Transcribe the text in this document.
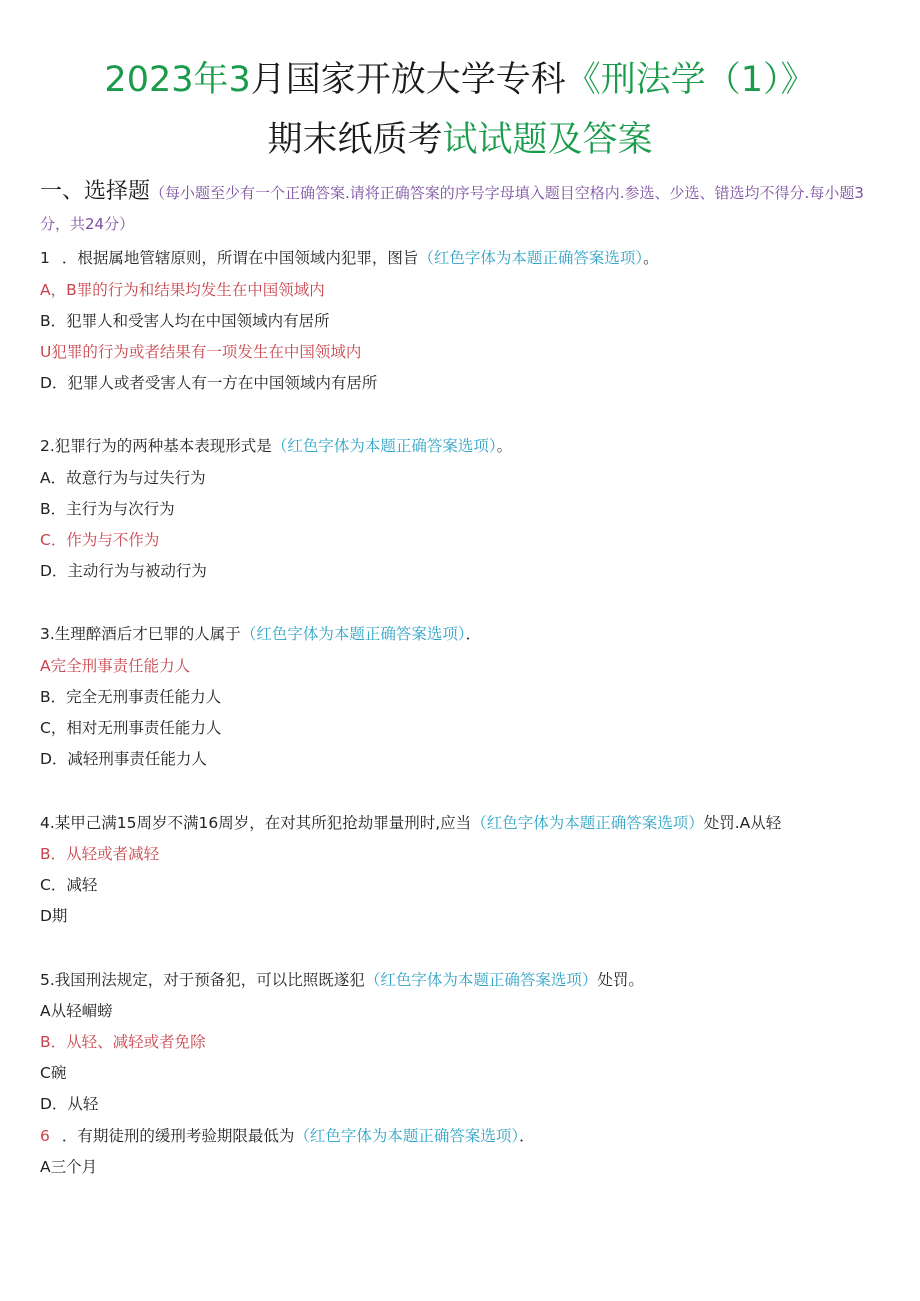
2023年3月国家开放大学专科《刑法学（1）》
期末纸质考试试题及答案
一、选择题（每小题至少有一个正确答案.请将正确答案的序号字母填入题目空格内.参选、少选、错选均不得分.每小题3分，共24分）
1 ．根据属地管辖原则，所谓在中国领域内犯罪，图旨（红色字体为本题正确答案选项）。
A，B罪的行为和结果均发生在中国领域内
B．犯罪人和受害人均在中国领域内有居所
U犯罪的行为或者结果有一项发生在中国领域内
D．犯罪人或者受害人有一方在中国领域内有居所
2.犯罪行为的两种基本表现形式是（红色字体为本题正确答案选项）。
A．故意行为与过失行为
B．主行为与次行为
C．作为与不作为
D．主动行为与被动行为
3.生理醉酒后才巳罪的人属于（红色字体为本题正确答案选项）．
A完全刑事责任能力人
B．完全无刑事责任能力人
C，相对无刑事责任能力人
D．减轻刑事责任能力人
4.某甲己满15周岁不满16周岁，在对其所犯抢劫罪量刑时,应当（红色字体为本题正确答案选项）处罚.A从轻
B．从轻或者减轻
C．减轻
D期
5.我国刑法规定，对于预备犯，可以比照既遂犯（红色字体为本题正确答案选项）处罚。
A从轻嵋螃
B．从轻、减轻或者免除
C碗
D．从轻
6 ．有期徒刑的缓刑考验期限最低为（红色字体为本题正确答案选项）．
A三个月
